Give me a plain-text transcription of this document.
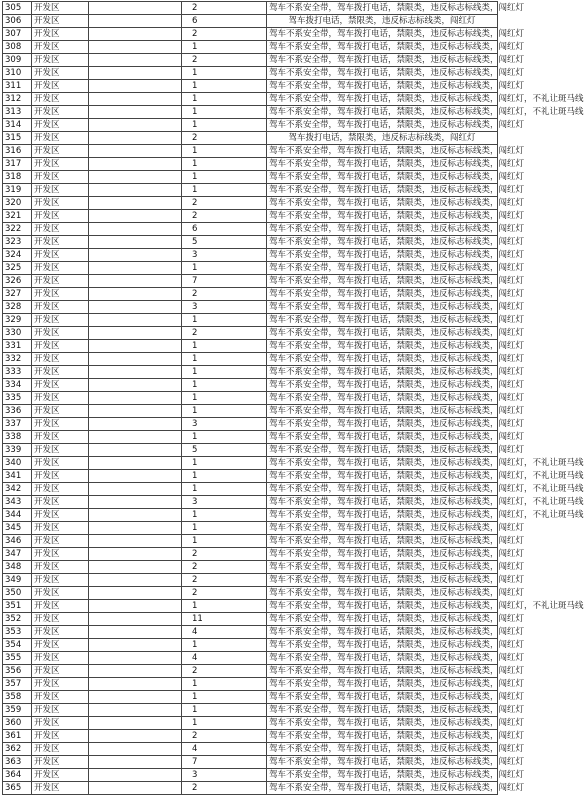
305	开发区		2	驾车不系安全带，驾车拨打电话，禁限类，违反标志标线类，闯红灯
306	开发区		6	驾车拨打电话，禁限类，违反标志标线类，闯红灯
307	开发区		2	驾车不系安全带，驾车拨打电话，禁限类，违反标志标线类，闯红灯
308	开发区		1	驾车不系安全带，驾车拨打电话，禁限类，违反标志标线类，闯红灯
309	开发区		2	驾车不系安全带，驾车拨打电话，禁限类，违反标志标线类，闯红灯
310	开发区		1	驾车不系安全带，驾车拨打电话，禁限类，违反标志标线类，闯红灯
311	开发区		1	驾车不系安全带，驾车拨打电话，禁限类，违反标志标线类，闯红灯
312	开发区		1	驾车不系安全带，驾车拨打电话，禁限类，违反标志标线类，闯红灯，不礼让斑马线
313	开发区		1	驾车不系安全带，驾车拨打电话，禁限类，违反标志标线类，闯红灯，不礼让斑马线
314	开发区		1	驾车不系安全带，驾车拨打电话，禁限类，违反标志标线类，闯红灯
315	开发区		2	驾车拨打电话，禁限类，违反标志标线类，闯红灯
316	开发区		1	驾车不系安全带，驾车拨打电话，禁限类，违反标志标线类，闯红灯
317	开发区		1	驾车不系安全带，驾车拨打电话，禁限类，违反标志标线类，闯红灯
318	开发区		1	驾车不系安全带，驾车拨打电话，禁限类，违反标志标线类，闯红灯
319	开发区		1	驾车不系安全带，驾车拨打电话，禁限类，违反标志标线类，闯红灯
320	开发区		2	驾车不系安全带，驾车拨打电话，禁限类，违反标志标线类，闯红灯
321	开发区		2	驾车不系安全带，驾车拨打电话，禁限类，违反标志标线类，闯红灯
322	开发区		6	驾车不系安全带，驾车拨打电话，禁限类，违反标志标线类，闯红灯
323	开发区		5	驾车不系安全带，驾车拨打电话，禁限类，违反标志标线类，闯红灯
324	开发区		3	驾车不系安全带，驾车拨打电话，禁限类，违反标志标线类，闯红灯
325	开发区		1	驾车不系安全带，驾车拨打电话，禁限类，违反标志标线类，闯红灯
326	开发区		7	驾车不系安全带，驾车拨打电话，禁限类，违反标志标线类，闯红灯
327	开发区		2	驾车不系安全带，驾车拨打电话，禁限类，违反标志标线类，闯红灯
328	开发区		3	驾车不系安全带，驾车拨打电话，禁限类，违反标志标线类，闯红灯
329	开发区		1	驾车不系安全带，驾车拨打电话，禁限类，违反标志标线类，闯红灯
330	开发区		2	驾车不系安全带，驾车拨打电话，禁限类，违反标志标线类，闯红灯
331	开发区		1	驾车不系安全带，驾车拨打电话，禁限类，违反标志标线类，闯红灯
332	开发区		1	驾车不系安全带，驾车拨打电话，禁限类，违反标志标线类，闯红灯
333	开发区		1	驾车不系安全带，驾车拨打电话，禁限类，违反标志标线类，闯红灯
334	开发区		1	驾车不系安全带，驾车拨打电话，禁限类，违反标志标线类，闯红灯
335	开发区		1	驾车不系安全带，驾车拨打电话，禁限类，违反标志标线类，闯红灯
336	开发区		1	驾车不系安全带，驾车拨打电话，禁限类，违反标志标线类，闯红灯
337	开发区		3	驾车不系安全带，驾车拨打电话，禁限类，违反标志标线类，闯红灯
338	开发区		1	驾车不系安全带，驾车拨打电话，禁限类，违反标志标线类，闯红灯
339	开发区		5	驾车不系安全带，驾车拨打电话，禁限类，违反标志标线类，闯红灯
340	开发区		1	驾车不系安全带，驾车拨打电话，禁限类，违反标志标线类，闯红灯，不礼让斑马线
341	开发区		1	驾车不系安全带，驾车拨打电话，禁限类，违反标志标线类，闯红灯，不礼让斑马线
342	开发区		1	驾车不系安全带，驾车拨打电话，禁限类，违反标志标线类，闯红灯，不礼让斑马线
343	开发区		3	驾车不系安全带，驾车拨打电话，禁限类，违反标志标线类，闯红灯，不礼让斑马线
344	开发区		1	驾车不系安全带，驾车拨打电话，禁限类，违反标志标线类，闯红灯，不礼让斑马线
345	开发区		1	驾车不系安全带，驾车拨打电话，禁限类，违反标志标线类，闯红灯
346	开发区		1	驾车不系安全带，驾车拨打电话，禁限类，违反标志标线类，闯红灯
347	开发区		2	驾车不系安全带，驾车拨打电话，禁限类，违反标志标线类，闯红灯
348	开发区		2	驾车不系安全带，驾车拨打电话，禁限类，违反标志标线类，闯红灯
349	开发区		2	驾车不系安全带，驾车拨打电话，禁限类，违反标志标线类，闯红灯
350	开发区		2	驾车不系安全带，驾车拨打电话，禁限类，违反标志标线类，闯红灯
351	开发区		1	驾车不系安全带，驾车拨打电话，禁限类，违反标志标线类，闯红灯，不礼让斑马线
352	开发区		11	驾车不系安全带，驾车拨打电话，禁限类，违反标志标线类，闯红灯
353	开发区		4	驾车不系安全带，驾车拨打电话，禁限类，违反标志标线类，闯红灯
354	开发区		1	驾车不系安全带，驾车拨打电话，禁限类，违反标志标线类，闯红灯
355	开发区		4	驾车不系安全带，驾车拨打电话，禁限类，违反标志标线类，闯红灯
356	开发区		2	驾车不系安全带，驾车拨打电话，禁限类，违反标志标线类，闯红灯
357	开发区		1	驾车不系安全带，驾车拨打电话，禁限类，违反标志标线类，闯红灯
358	开发区		1	驾车不系安全带，驾车拨打电话，禁限类，违反标志标线类，闯红灯
359	开发区		1	驾车不系安全带，驾车拨打电话，禁限类，违反标志标线类，闯红灯
360	开发区		1	驾车不系安全带，驾车拨打电话，禁限类，违反标志标线类，闯红灯
361	开发区		2	驾车不系安全带，驾车拨打电话，禁限类，违反标志标线类，闯红灯
362	开发区		4	驾车不系安全带，驾车拨打电话，禁限类，违反标志标线类，闯红灯
363	开发区		7	驾车不系安全带，驾车拨打电话，禁限类，违反标志标线类，闯红灯
364	开发区		3	驾车不系安全带，驾车拨打电话，禁限类，违反标志标线类，闯红灯
365	开发区		2	驾车不系安全带，驾车拨打电话，禁限类，违反标志标线类，闯红灯
